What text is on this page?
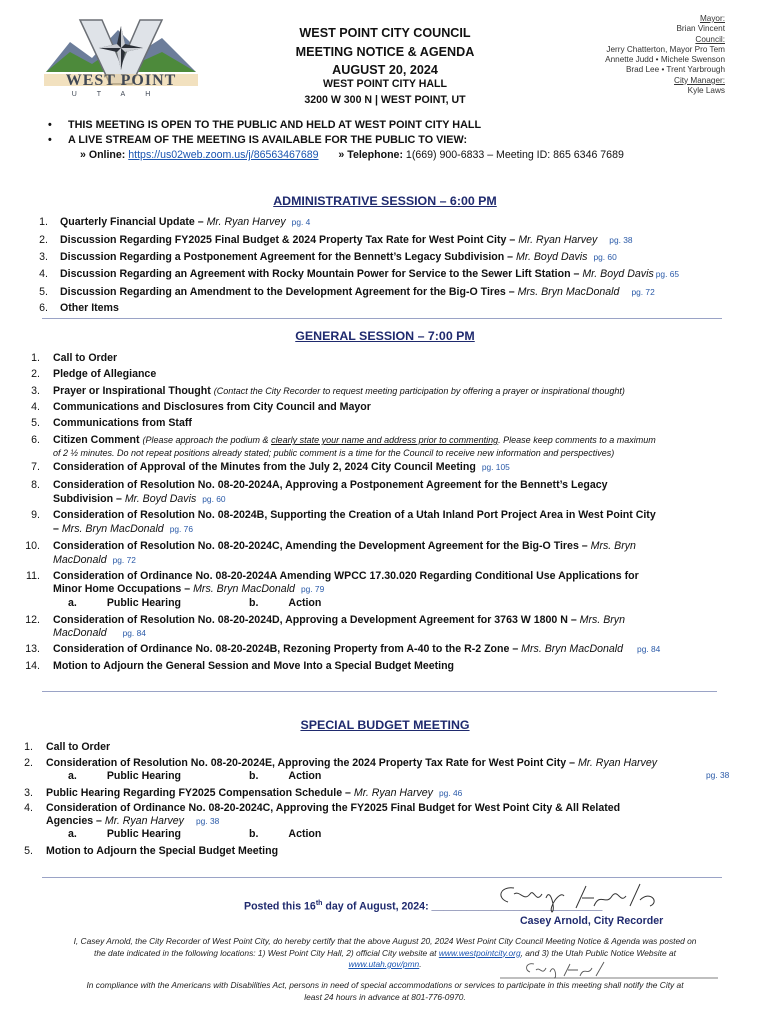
WEST POINT
UTAH
WEST POINT CITY COUNCIL
MEETING NOTICE & AGENDA
AUGUST 20, 2024
WEST POINT CITY HALL
3200 W 300 N | WEST POINT, UT
Mayor:
Brian Vincent
Council:
Jerry Chatterton, Mayor Pro Tem
Annette Judd • Michele Swenson
Brad Lee • Trent Yarbrough
City Manager:
Kyle Laws
• THIS MEETING IS OPEN TO THE PUBLIC AND HELD AT WEST POINT CITY HALL
• A LIVE STREAM OF THE MEETING IS AVAILABLE FOR THE PUBLIC TO VIEW:
» Online: https://us02web.zoom.us/j/86563467689 » Telephone: 1(669) 900-6833 – Meeting ID: 865 6346 7689
ADMINISTRATIVE SESSION – 6:00 PM
1. Quarterly Financial Update – Mr. Ryan Harvey pg. 4
2. Discussion Regarding FY2025 Final Budget & 2024 Property Tax Rate for West Point City – Mr. Ryan Harvey pg. 38
3. Discussion Regarding a Postponement Agreement for the Bennett’s Legacy Subdivision – Mr. Boyd Davis pg. 60
4. Discussion Regarding an Agreement with Rocky Mountain Power for Service to the Sewer Lift Station – Mr. Boyd Davis pg. 65
5. Discussion Regarding an Amendment to the Development Agreement for the Big-O Tires – Mrs. Bryn MacDonald pg. 72
6. Other Items
GENERAL SESSION – 7:00 PM
1. Call to Order
2. Pledge of Allegiance
3. Prayer or Inspirational Thought (Contact the City Recorder to request meeting participation by offering a prayer or inspirational thought)
4. Communications and Disclosures from City Council and Mayor
5. Communications from Staff
6. Citizen Comment (Please approach the podium & clearly state your name and address prior to commenting. Please keep comments to a maximum
of 2 ½ minutes. Do not repeat positions already stated; public comment is a time for the Council to receive new information and perspectives)
7. Consideration of Approval of the Minutes from the July 2, 2024 City Council Meeting pg. 105
8. Consideration of Resolution No. 08-20-2024A, Approving a Postponement Agreement for the Bennett’s Legacy
Subdivision – Mr. Boyd Davis pg. 60
9. Consideration of Resolution No. 08-2024B, Supporting the Creation of a Utah Inland Port Project Area in West Point City
– Mrs. Bryn MacDonald pg. 76
10. Consideration of Resolution No. 08-20-2024C, Amending the Development Agreement for the Big-O Tires – Mrs. Bryn
MacDonald pg. 72
11. Consideration of Ordinance No. 08-20-2024A Amending WPCC 17.30.020 Regarding Conditional Use Applications for
Minor Home Occupations – Mrs. Bryn MacDonald pg. 79
a.	Public Hearing	b.	Action
12. Consideration of Resolution No. 08-20-2024D, Approving a Development Agreement for 3763 W 1800 N – Mrs. Bryn
MacDonald pg. 84
13. Consideration of Ordinance No. 08-20-2024B, Rezoning Property from A-40 to the R-2 Zone – Mrs. Bryn MacDonald pg. 84
14. Motion to Adjourn the General Session and Move Into a Special Budget Meeting
SPECIAL BUDGET MEETING
1. Call to Order
2. Consideration of Resolution No. 08-20-2024E, Approving the 2024 Property Tax Rate for West Point City – Mr. Ryan Harvey
pg. 38
a.	Public Hearing	b.	Action
3. Public Hearing Regarding FY2025 Compensation Schedule – Mr. Ryan Harvey pg. 46
4. Consideration of Ordinance No. 08-20-2024C, Approving the FY2025 Final Budget for West Point City & All Related
Agencies – Mr. Ryan Harvey pg. 38
a.	Public Hearing	b.	Action
5. Motion to Adjourn the Special Budget Meeting
Posted this 16th day of August, 2024: _____________________________
Casey Arnold, City Recorder
I, Casey Arnold, the City Recorder of West Point City, do hereby certify that the above August 20, 2024 West Point City Council Meeting Notice & Agenda was posted on
the date indicated in the following locations: 1) West Point City Hall, 2) official City website at www.westpointcity.org, and 3) the Utah Public Notice Website at
www.utah.gov/pmn.
In compliance with the Americans with Disabilities Act, persons in need of special accommodations or services to participate in this meeting shall notify the City at
least 24 hours in advance at 801-776-0970.
